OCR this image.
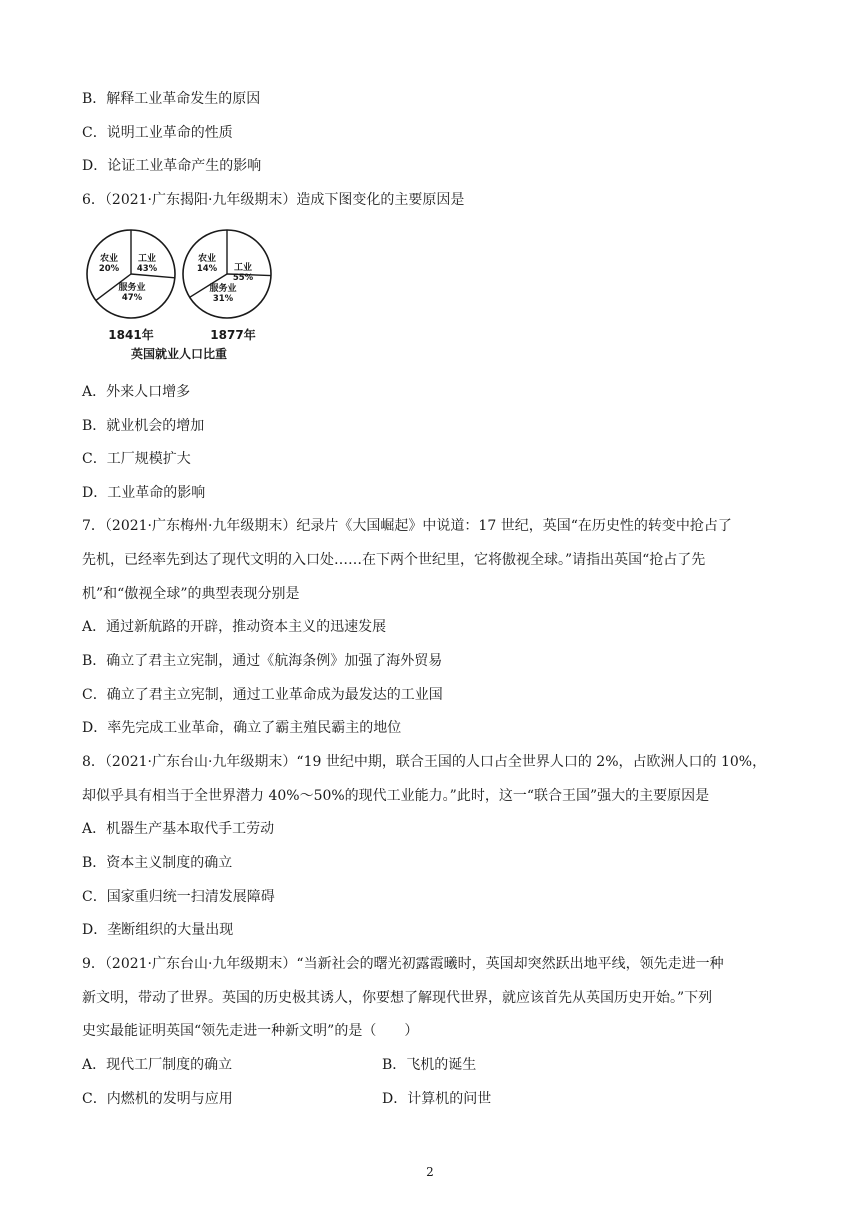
B．解释工业革命发生的原因
C．说明工业革命的性质
D．论证工业革命产生的影响
6．（2021·广东揭阳·九年级期末）造成下图变化的主要原因是
A．外来人口增多
B．就业机会的增加
C．工厂规模扩大
D．工业革命的影响
7．（2021·广东梅州·九年级期末）纪录片《大国崛起》中说道：17 世纪，英国“在历史性的转变中抢占了
先机，已经率先到达了现代文明的入口处……在下两个世纪里，它将傲视全球。”请指出英国“抢占了先
机”和“傲视全球”的典型表现分别是
A．通过新航路的开辟，推动资本主义的迅速发展
B．确立了君主立宪制，通过《航海条例》加强了海外贸易
C．确立了君主立宪制，通过工业革命成为最发达的工业国
D．率先完成工业革命，确立了霸主殖民霸主的地位
8．（2021·广东台山·九年级期末）“19 世纪中期，联合王国的人口占全世界人口的 2%，占欧洲人口的 10%，
却似乎具有相当于全世界潜力 40%～50%的现代工业能力。”此时，这一“联合王国”强大的主要原因是
A．机器生产基本取代手工劳动
B．资本主义制度的确立
C．国家重归统一扫清发展障碍
D．垄断组织的大量出现
9．（2021·广东台山·九年级期末）“当新社会的曙光初露霞曦时，英国却突然跃出地平线，领先走进一种
新文明，带动了世界。英国的历史极其诱人，你要想了解现代世界，就应该首先从英国历史开始。”下列
史实最能证明英国“领先走进一种新文明”的是（　　）
A．现代工厂制度的确立	B．飞机的诞生
C．内燃机的发明与应用	D．计算机的问世
农业
20%
工业
43%
服务业
47%
1841年
农业
14% 工业
55%
服务业
31%
1877年
英国就业人口比重
2
